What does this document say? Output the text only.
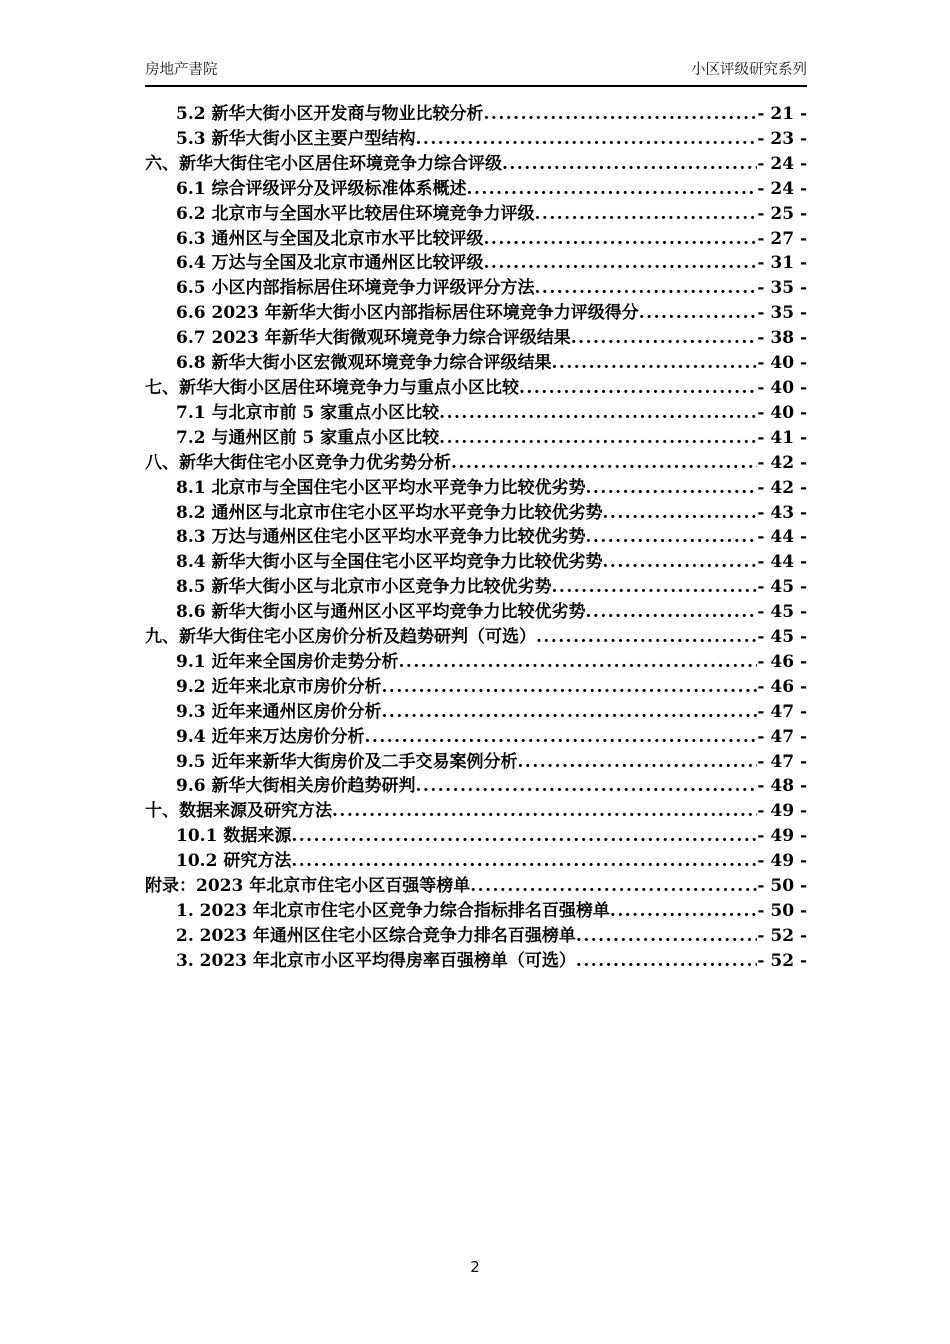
房地产書院	小区评级研究系列
5.2 新华大街小区开发商与物业比较分析 .....	- 21 -
5.3 新华大街小区主要户型结构 .....	- 23 -
六、新华大街住宅小区居住环境竞争力综合评级 .....	- 24 -
6.1 综合评级评分及评级标准体系概述 .....	- 24 -
6.2 北京市与全国水平比较居住环境竞争力评级 .....	- 25 -
6.3 通州区与全国及北京市水平比较评级 .....	- 27 -
6.4 万达与全国及北京市通州区比较评级 .....	- 31 -
6.5 小区内部指标居住环境竞争力评级评分方法 .....	- 35 -
6.6 2023 年新华大街小区内部指标居住环境竞争力评级得分 .....	- 35 -
6.7 2023 年新华大街微观环境竞争力综合评级结果 .....	- 38 -
6.8 新华大街小区宏微观环境竞争力综合评级结果 .....	- 40 -
七、新华大街小区居住环境竞争力与重点小区比较 .....	- 40 -
7.1 与北京市前 5 家重点小区比较 .....	- 40 -
7.2 与通州区前 5 家重点小区比较 .....	- 41 -
八、新华大街住宅小区竞争力优劣势分析 .....	- 42 -
8.1 北京市与全国住宅小区平均水平竞争力比较优劣势 .....	- 42 -
8.2 通州区与北京市住宅小区平均水平竞争力比较优劣势 .....	- 43 -
8.3 万达与通州区住宅小区平均水平竞争力比较优劣势 .....	- 44 -
8.4 新华大街小区与全国住宅小区平均竞争力比较优劣势 .....	- 44 -
8.5 新华大街小区与北京市小区竞争力比较优劣势 .....	- 45 -
8.6 新华大街小区与通州区小区平均竞争力比较优劣势 .....	- 45 -
九、新华大街住宅小区房价分析及趋势研判（可选） .....	- 45 -
9.1 近年来全国房价走势分析 .....	- 46 -
9.2 近年来北京市房价分析 .....	- 46 -
9.3 近年来通州区房价分析 .....	- 47 -
9.4 近年来万达房价分析 .....	- 47 -
9.5 近年来新华大街房价及二手交易案例分析 .....	- 47 -
9.6 新华大街相关房价趋势研判 .....	- 48 -
十、数据来源及研究方法 .....	- 49 -
10.1 数据来源 .....	- 49 -
10.2 研究方法 .....	- 49 -
附录：2023 年北京市住宅小区百强等榜单 .....	- 50 -
1. 2023 年北京市住宅小区竞争力综合指标排名百强榜单 .....	- 50 -
2. 2023 年通州区住宅小区综合竞争力排名百强榜单 .....	- 52 -
3. 2023 年北京市小区平均得房率百强榜单（可选） .....	- 52 -
2
